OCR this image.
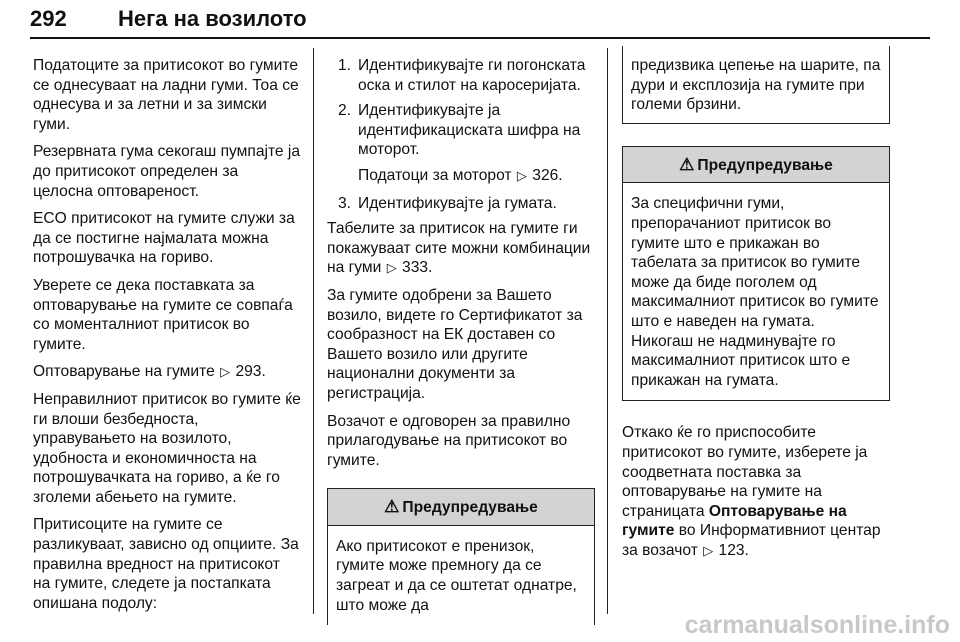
292 Нега на возилото

Податоците за притисокот во гумите се однесуваат на ладни гуми. Тоа се однесува и за летни и за зимски гуми.

Резервната гума секогаш пумпајте ја до притисокот определен за целосна оптовареност.

ECO притисокот на гумите служи за да се постигне најмалата можна потрошувачка на гориво.

Уверете се дека поставката за оптоварување на гумите се совпаѓа со моменталниот притисок во гумите.

Оптоварување на гумите ▷ 293.

Неправилниот притисок во гумите ќе ги влоши безбедноста, управувањето на возилото, удобноста и економичноста на потрошувачката на гориво, а ќе го зголеми абењето на гумите.

Притисоците на гумите се разликуваат, зависно од опциите. За правилна вредност на притисокот на гумите, следете ја постапката опишана подолу:

1. Идентификувајте ги погонската оска и стилот на каросеријата.
2. Идентификувајте ја идентификациската шифра на моторот.

Податоци за моторот ▷ 326.

3. Идентификувајте ја гумата.

Табелите за притисок на гумите ги покажуваат сите можни комбинации на гуми ▷ 333.

За гумите одобрени за Вашето возило, видете го Сертификатот за сообразност на ЕК доставен со Вашето возило или другите национални документи за регистрација.

Возачот е одговорен за правилно прилагодување на притисокот во гумите.

⚠ Предупредување

Ако притисокот е пренизок, гумите може премногу да се загреат и да се оштетат однатре, што може да

предизвика цепење на шарите, па дури и експлозија на гумите при големи брзини.

⚠ Предупредување

За специфични гуми, препорачаниот притисок во гумите што е прикажан во табелата за притисок во гумите може да биде поголем од максималниот притисок во гумите што е наведен на гумата. Никогаш не надминувајте го максималниот притисок што е прикажан на гумата.

Откако ќе го приспособите притисокот во гумите, изберете ја соодветната поставка за оптоварување на гумите на страницата Оптоварување на гумите во Информативниот центар за возачот ▷ 123.

carmanualsonline.info
